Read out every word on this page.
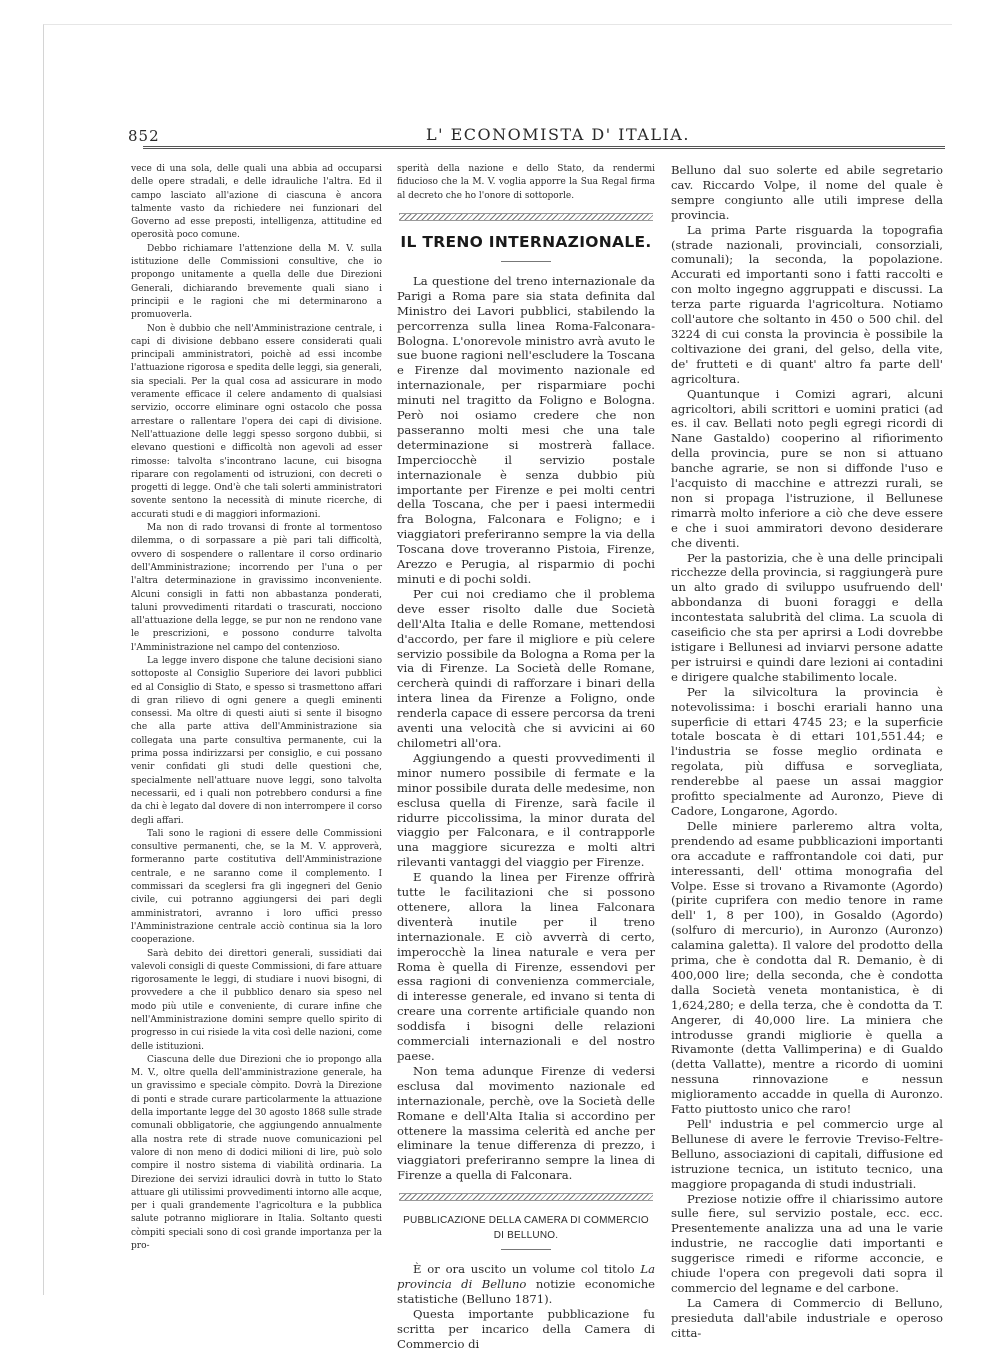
852	L' ECONOMISTA D' ITALIA.

vece di una sola, delle quali una abbia ad occuparsi delle opere stradali, e delle idrauliche l'altra. Ed il campo lasciato all'azione di ciascuna è ancora talmente vasto da richiedere nei funzionari del Governo ad esse preposti, intelligenza, attitudine ed operosità poco comune.

Debbo richiamare l'attenzione della M. V. sulla istituzione delle Commissioni consultive, che io propongo unitamente a quella delle due Direzioni Generali, dichiarando brevemente quali siano i principii e le ragioni che mi determinarono a promuoverla.

Non è dubbio che nell'Amministrazione centrale, i capi di divisione debbano essere considerati quali principali amministratori, poichè ad essi incombe l'attuazione rigorosa e spedita delle leggi, sia generali, sia speciali. Per la qual cosa ad assicurare in modo veramente efficace il celere andamento di qualsiasi servizio, occorre eliminare ogni ostacolo che possa arrestare o rallentare l'opera dei capi di divisione. Nell'attuazione delle leggi spesso sorgono dubbii, si elevano questioni e difficoltà non agevoli ad esser rimosse: talvolta s'incontrano lacune, cui bisogna riparare con regolamenti od istruzioni, con decreti o progetti di legge. Ond'è che tali solerti amministratori sovente sentono la necessità di minute ricerche, di accurati studi e di maggiori informazioni.

Ma non di rado trovansi di fronte al tormentoso dilemma, o di sorpassare a piè pari tali difficoltà, ovvero di sospendere o rallentare il corso ordinario dell'Amministrazione; incorrendo per l'una o per l'altra determinazione in gravissimo inconveniente. Alcuni consigli in fatti non abbastanza ponderati, taluni provvedimenti ritardati o trascurati, nocciono all'attuazione della legge, se pur non ne rendono vane le prescrizioni, e possono condurre talvolta l'Amministrazione nel campo del contenzioso.

La legge invero dispone che talune decisioni siano sottoposte al Consiglio Superiore dei lavori pubblici ed al Consiglio di Stato, e spesso si trasmettono affari di gran rilievo di ogni genere a quegli eminenti consessi. Ma oltre di questi aiuti si sente il bisogno che alla parte attiva dell'Amministrazione sia collegata una parte consultiva permanente, cui la prima possa indirizzarsi per consiglio, e cui possano venir confidati gli studi delle questioni che, specialmente nell'attuare nuove leggi, sono talvolta necessarii, ed i quali non potrebbero condursi a fine da chi è legato dal dovere di non interrompere il corso degli affari.

Tali sono le ragioni di essere delle Commissioni consultive permanenti, che, se la M. V. approverà, formeranno parte costitutiva dell'Amministrazione centrale, e ne saranno come il complemento. I commissari da sceglersi fra gli ingegneri del Genio civile, cui potranno aggiungersi dei pari degli amministratori, avranno i loro uffici presso l'Amministrazione centrale acciò continua sia la loro cooperazione.

Sarà debito dei direttori generali, sussidiati dai valevoli consigli di queste Commissioni, di fare attuare rigorosamente le leggi, di studiare i nuovi bisogni, di provvedere a che il pubblico denaro sia speso nel modo più utile e conveniente, di curare infine che nell'Amministrazione domini sempre quello spirito di progresso in cui risiede la vita così delle nazioni, come delle istituzioni.

Ciascuna delle due Direzioni che io propongo alla M. V., oltre quella dell'amministrazione generale, ha un gravissimo e speciale còmpito. Dovrà la Direzione di ponti e strade curare particolarmente la attuazione della importante legge del 30 agosto 1868 sulle strade comunali obbligatorie, che aggiungendo annualmente alla nostra rete di strade nuove comunicazioni pel valore di non meno di dodici milioni di lire, può solo compire il nostro sistema di viabilità ordinaria. La Direzione dei servizi idraulici dovrà in tutto lo Stato attuare gli utilissimi provvedimenti intorno alle acque, per i quali grandemente l'agricoltura e la pubblica salute potranno migliorare in Italia. Soltanto questi còmpiti speciali sono di così grande importanza per la pro-

sperità della nazione e dello Stato, da rendermi fiducioso che la M. V. voglia apporre la Sua Regal firma al decreto che ho l'onore di sottoporle.

IL TRENO INTERNAZIONALE.

La questione del treno internazionale da Parigi a Roma pare sia stata definita dal Ministro dei Lavori pubblici, stabilendo la percorrenza sulla linea Roma-Falconara-Bologna. L'onorevole ministro avrà avuto le sue buone ragioni nell'escludere la Toscana e Firenze dal movimento nazionale ed internazionale, per risparmiare pochi minuti nel tragitto da Foligno e Bologna. Però noi osiamo credere che non passeranno molti mesi che una tale determinazione si mostrerà fallace. Imperciocchè il servizio postale internazionale è senza dubbio più importante per Firenze e pei molti centri della Toscana, che per i paesi intermedii fra Bologna, Falconara e Foligno; e i viaggiatori preferiranno sempre la via della Toscana dove troveranno Pistoia, Firenze, Arezzo e Perugia, al risparmio di pochi minuti e di pochi soldi.

Per cui noi crediamo che il problema deve esser risolto dalle due Società dell'Alta Italia e delle Romane, mettendosi d'accordo, per fare il migliore e più celere servizio possibile da Bologna a Roma per la via di Firenze. La Società delle Romane, cercherà quindi di rafforzare i binari della intera linea da Firenze a Foligno, onde renderla capace di essere percorsa da treni aventi una velocità che si avvicini ai 60 chilometri all'ora.

Aggiungendo a questi provvedimenti il minor numero possibile di fermate e la minor possibile durata delle medesime, non esclusa quella di Firenze, sarà facile il ridurre piccolissima, la minor durata del viaggio per Falconara, e il contrapporle una maggiore sicurezza e molti altri rilevanti vantaggi del viaggio per Firenze.

E quando la linea per Firenze offrirà tutte le facilitazioni che si possono ottenere, allora la linea Falconara diventerà inutile per il treno internazionale. E ciò avverrà di certo, imperocchè la linea naturale e vera per Roma è quella di Firenze, essendovi per essa ragioni di convenienza commerciale, di interesse generale, ed invano si tenta di creare una corrente artificiale quando non soddisfa i bisogni delle relazioni commerciali internazionali e del nostro paese.

Non tema adunque Firenze di vedersi esclusa dal movimento nazionale ed internazionale, perchè, ove la Società delle Romane e dell'Alta Italia si accordino per ottenere la massima celerità ed anche per eliminare la tenue differenza di prezzo, i viaggiatori preferiranno sempre la linea di Firenze a quella di Falconara.

PUBBLICAZIONE DELLA CAMERA DI COMMERCIO DI BELLUNO.

È or ora uscito un volume col titolo La provincia di Belluno notizie economiche statistiche (Belluno 1871).

Questa importante pubblicazione fu scritta per incarico della Camera di Commercio di

Belluno dal suo solerte ed abile segretario cav. Riccardo Volpe, il nome del quale è sempre congiunto alle utili imprese della provincia.

La prima Parte risguarda la topografia (strade nazionali, provinciali, consorziali, comunali); la seconda, la popolazione. Accurati ed importanti sono i fatti raccolti e con molto ingegno aggruppati e discussi. La terza parte riguarda l'agricoltura. Notiamo coll'autore che soltanto in 450 o 500 chil. del 3224 di cui consta la provincia è possibile la coltivazione dei grani, del gelso, della vite, de' frutteti e di quant' altro fa parte dell' agricoltura.

Quantunque i Comizi agrari, alcuni agricoltori, abili scrittori e uomini pratici (ad es. il cav. Bellati noto pegli egregi ricordi di Nane Gastaldo) cooperino al rifiorimento della provincia, pure se non si attuano banche agrarie, se non si diffonde l'uso e l'acquisto di macchine e attrezzi rurali, se non si propaga l'istruzione, il Bellunese rimarrà molto inferiore a ciò che deve essere e che i suoi ammiratori devono desiderare che diventi.

Per la pastorizia, che è una delle principali ricchezze della provincia, si raggiungerà pure un alto grado di sviluppo usufruendo dell' abbondanza di buoni foraggi e della incontestata salubrità del clima. La scuola di caseificio che sta per aprirsi a Lodi dovrebbe istigare i Bellunesi ad inviarvi persone adatte per istruirsi e quindi dare lezioni ai contadini e dirigere qualche stabilimento locale.

Per la silvicoltura la provincia è notevolissima: i boschi erariali hanno una superficie di ettari 4745 23; e la superficie totale boscata è di ettari 101,551.44; e l'industria se fosse meglio ordinata e regolata, più diffusa e sorvegliata, renderebbe al paese un assai maggior profitto specialmente ad Auronzo, Pieve di Cadore, Longarone, Agordo.

Delle miniere parleremo altra volta, prendendo ad esame pubblicazioni importanti ora accadute e raffrontandole coi dati, pur interessanti, dell' ottima monografia del Volpe. Esse si trovano a Rivamonte (Agordo) (pirite cuprifera con medio tenore in rame dell' 1, 8 per 100), in Gosaldo (Agordo) (solfuro di mercurio), in Auronzo (Auronzo) calamina galetta). Il valore del prodotto della prima, che è condotta dal R. Demanio, è di 400,000 lire; della seconda, che è condotta dalla Società veneta montanistica, è di 1,624,280; e della terza, che è condotta da T. Angerer, di 40,000 lire. La miniera che introdusse grandi migliorie è quella a Rivamonte (detta Vallimperina) e di Gualdo (detta Vallatte), mentre a ricordo di uomini nessuna rinnovazione e nessun miglioramento accadde in quella di Auronzo. Fatto piuttosto unico che raro!

Pell' industria e pel commercio urge al Bellunese di avere le ferrovie Treviso-Feltre-Belluno, associazioni di capitali, diffusione ed istruzione tecnica, un istituto tecnico, una maggiore propaganda di studi industriali.

Preziose notizie offre il chiarissimo autore sulle fiere, sul servizio postale, ecc. ecc. Presentemente analizza una ad una le varie industrie, ne raccoglie dati importanti e suggerisce rimedi e riforme acconcie, e chiude l'opera con pregevoli dati sopra il commercio del legname e del carbone.

La Camera di Commercio di Belluno, presieduta dall'abile industriale e operoso citta-
